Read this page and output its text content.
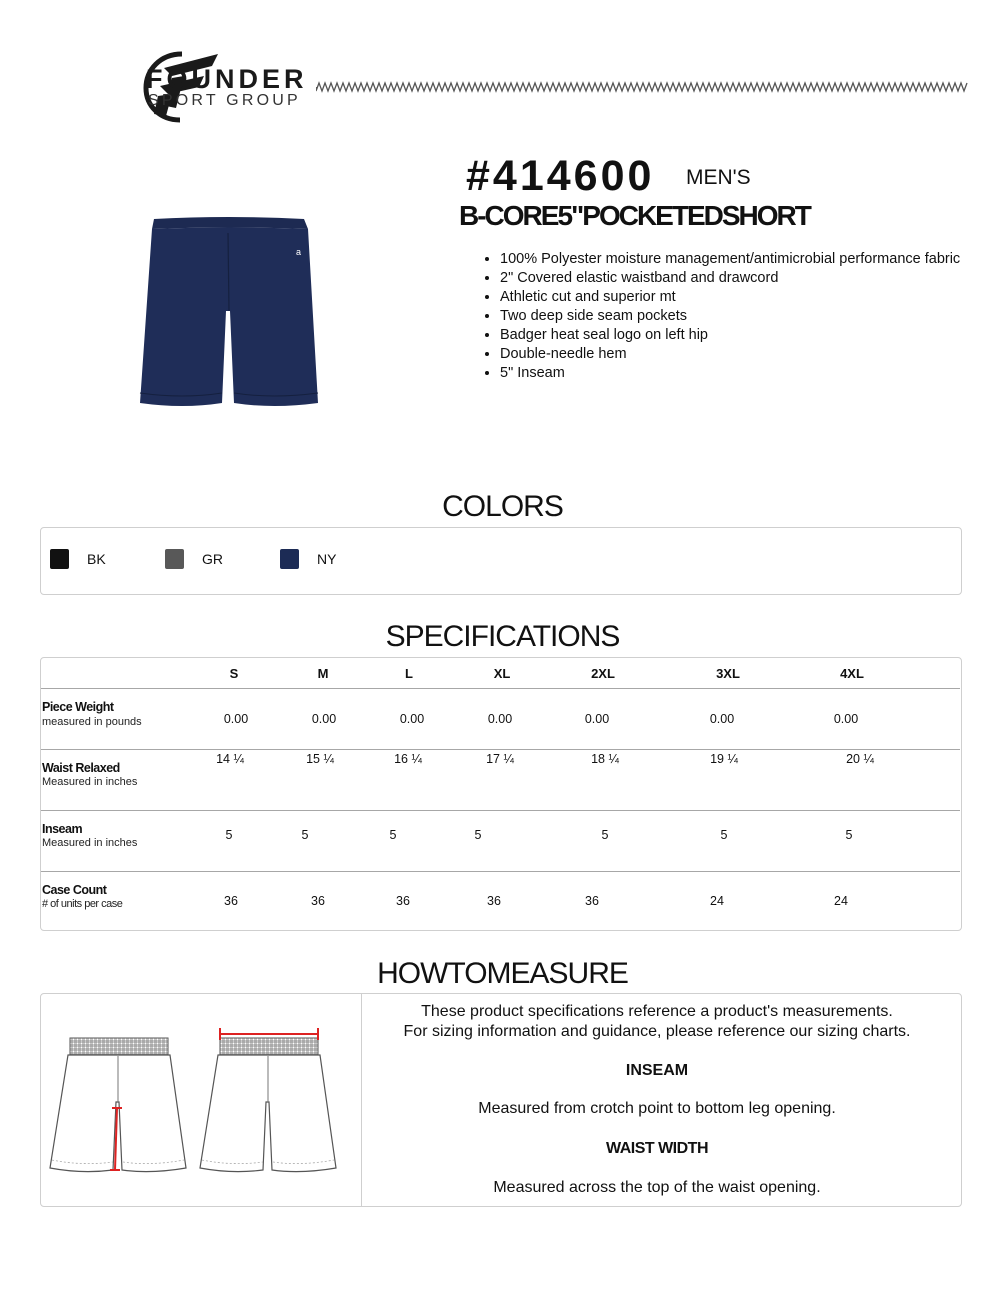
FOUNDER
SPORT GROUP
#414600 MEN'S
B-CORE5"POCKETEDSHORT
• 100% Polyester moisture management/antimicrobial performance fabric
• 2" Covered elastic waistband and drawcord
• Athletic cut and superior mt
• Two deep side seam pockets
• Badger heat seal logo on left hip
• Double-needle hem
• 5" Inseam
a
COLORS
BK	GR	NY
SPECIFICATIONS
S	M	L	XL	2XL	3XL	4XL
Piece Weight
measured in pounds	0.00	0.00	0.00	0.00	0.00	0.00	0.00
Waist Relaxed
Measured in inches
14 ¼	15 ¼	16 ¼	17 ¼	18 ¼	19 ¼	20 ¼
Inseam
Measured in inches
5	5	5	5	5	5	5
Case Count
# of units per case	36	36	36	36	36	24	24
HOWTOMEASURE
These product specifications reference a product's measurements.
For sizing information and guidance, please reference our sizing charts.
INSEAM
Measured from crotch point to bottom leg opening.
WAIST WIDTH
Measured across the top of the waist opening.
